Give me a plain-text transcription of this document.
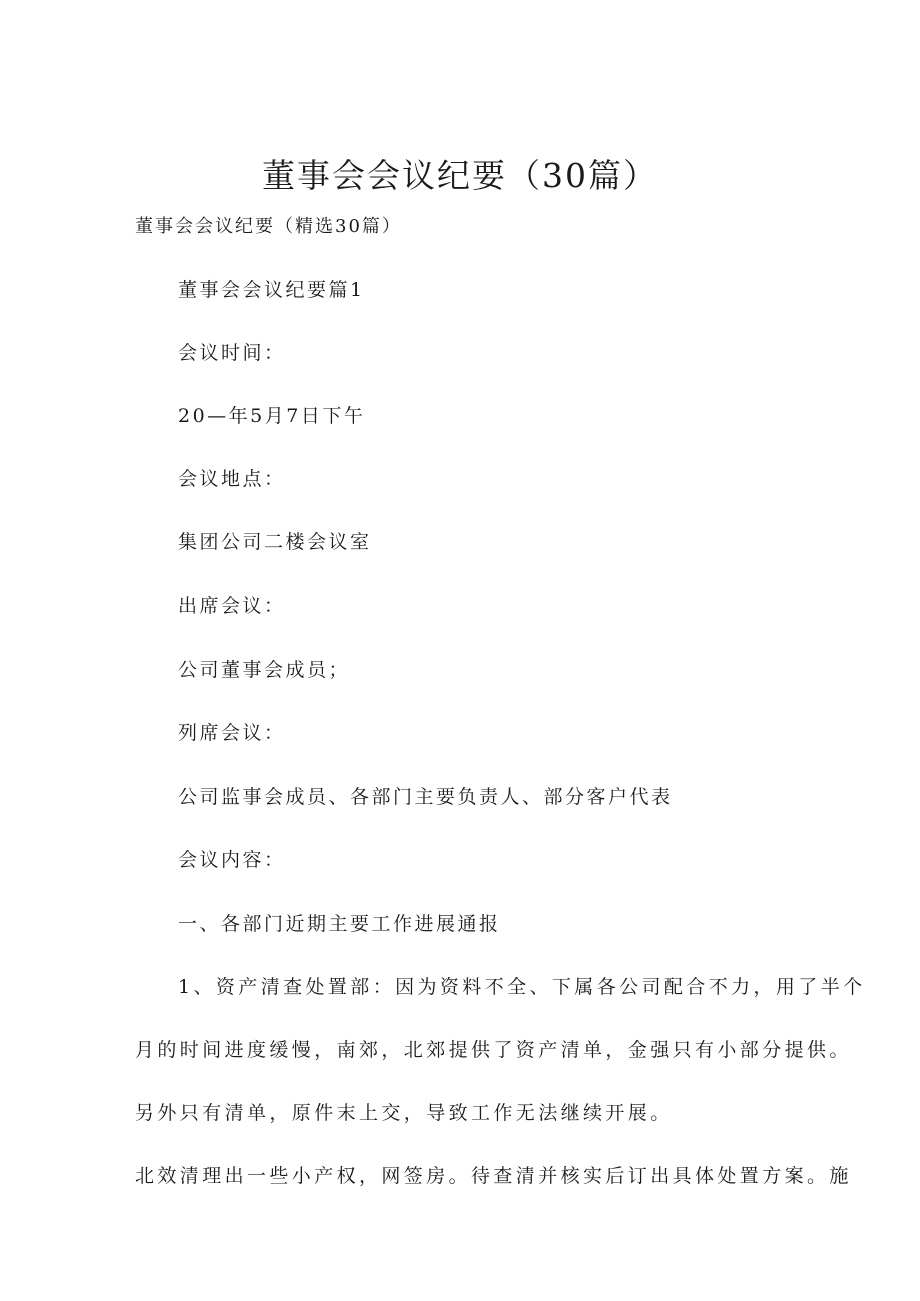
董事会会议纪要（30篇）
董事会会议纪要（精选30篇）
董事会会议纪要篇1
会议时间：
20—年5月7日下午
会议地点：
集团公司二楼会议室
出席会议：
公司董事会成员；
列席会议：
公司监事会成员、各部门主要负责人、部分客户代表
会议内容：
一、各部门近期主要工作进展通报
1、资产清查处置部：因为资料不全、下属各公司配合不力，用了半个
月的时间进度缓慢，南郊，北郊提供了资产清单，金强只有小部分提供。
另外只有清单，原件末上交，导致工作无法继续开展。
北效清理出一些小产权，网签房。待查清并核实后订出具体处置方案。施
